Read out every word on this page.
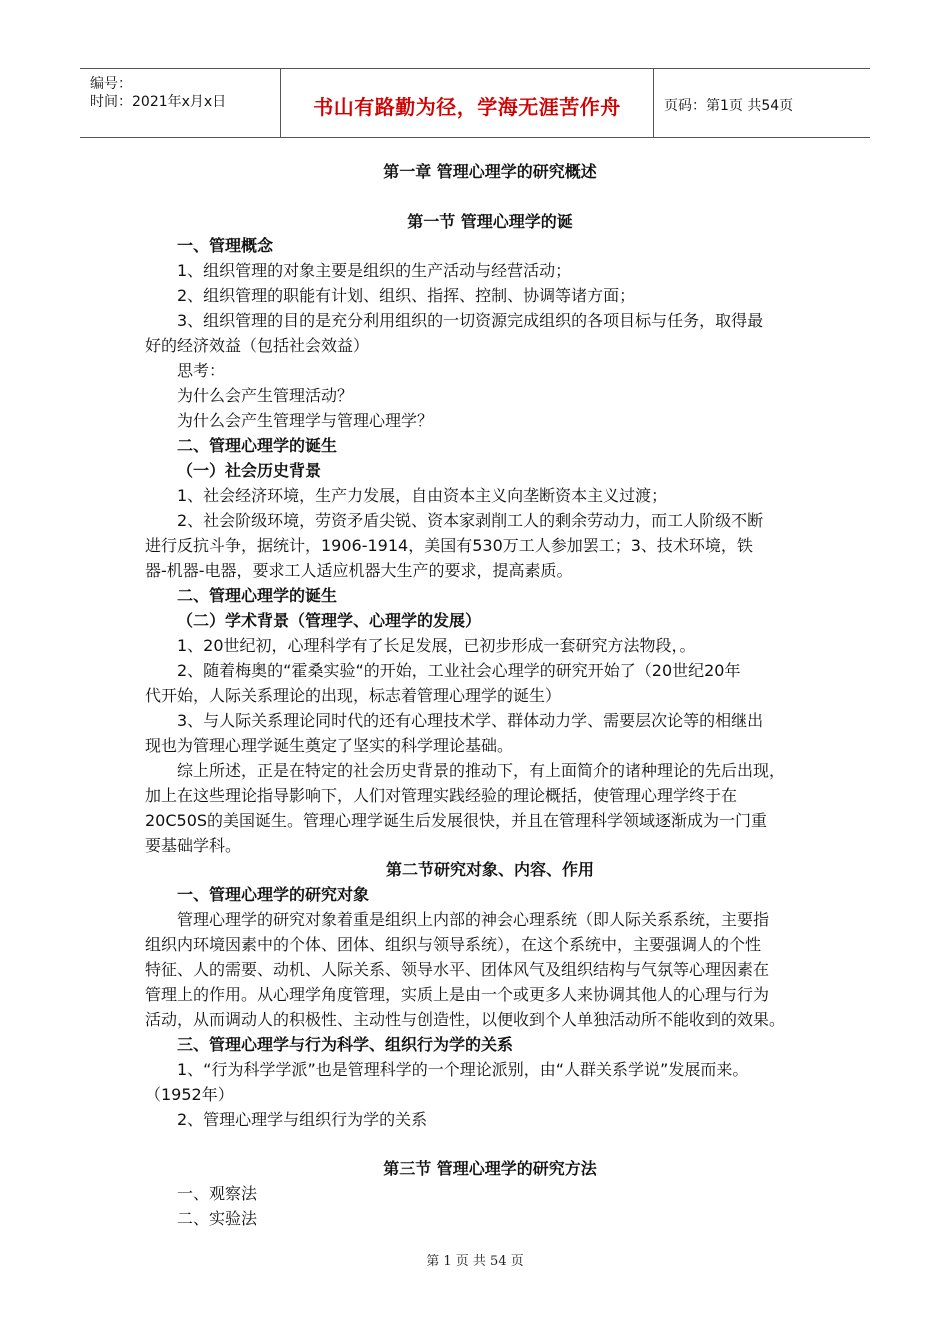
编号：
时间：2021年x月x日	书山有路勤为径，学海无涯苦作舟	页码：第1页 共54页
第一章 管理心理学的研究概述
第一节 管理心理学的诞
一、管理概念
1、组织管理的对象主要是组织的生产活动与经营活动；
2、组织管理的职能有计划、组织、指挥、控制、协调等诸方面；
3、组织管理的目的是充分利用组织的一切资源完成组织的各项目标与任务，取得最
好的经济效益（包括社会效益）
思考：
为什么会产生管理活动？
为什么会产生管理学与管理心理学？
二、管理心理学的诞生
（一）社会历史背景
1、社会经济环境，生产力发展，自由资本主义向垄断资本主义过渡；
2、社会阶级环境，劳资矛盾尖锐、资本家剥削工人的剩余劳动力，而工人阶级不断
进行反抗斗争，据统计，1906-1914，美国有530万工人参加罢工；3、技术环境，铁
器-机器-电器，要求工人适应机器大生产的要求，提高素质。
二、管理心理学的诞生
（二）学术背景（管理学、心理学的发展）
1、20世纪初，心理科学有了长足发展，已初步形成一套研究方法物段，。
2、随着梅奥的“霍桑实验“的开始，工业社会心理学的研究开始了（20世纪20年
代开始，人际关系理论的出现，标志着管理心理学的诞生）
3、与人际关系理论同时代的还有心理技术学、群体动力学、需要层次论等的相继出
现也为管理心理学诞生奠定了坚实的科学理论基础。
综上所述，正是在特定的社会历史背景的推动下，有上面简介的诸种理论的先后出现，
加上在这些理论指导影响下，人们对管理实践经验的理论概括，使管理心理学终于在
20C50S的美国诞生。管理心理学诞生后发展很快，并且在管理科学领域逐渐成为一门重
要基础学科。
第二节研究对象、内容、作用
一、管理心理学的研究对象
管理心理学的研究对象着重是组织上内部的神会心理系统（即人际关系系统，主要指
组织内环境因素中的个体、团体、组织与领导系统），在这个系统中，主要强调人的个性
特征、人的需要、动机、人际关系、领导水平、团体风气及组织结构与气氛等心理因素在
管理上的作用。从心理学角度管理，实质上是由一个或更多人来协调其他人的心理与行为
活动，从而调动人的积极性、主动性与创造性，以便收到个人单独活动所不能收到的效果。
三、管理心理学与行为科学、组织行为学的关系
1、“行为科学学派”也是管理科学的一个理论派别，由“人群关系学说”发展而来。
（1952年）
2、管理心理学与组织行为学的关系
第三节 管理心理学的研究方法
一、观察法
二、实验法
第 1 页 共 54 页
